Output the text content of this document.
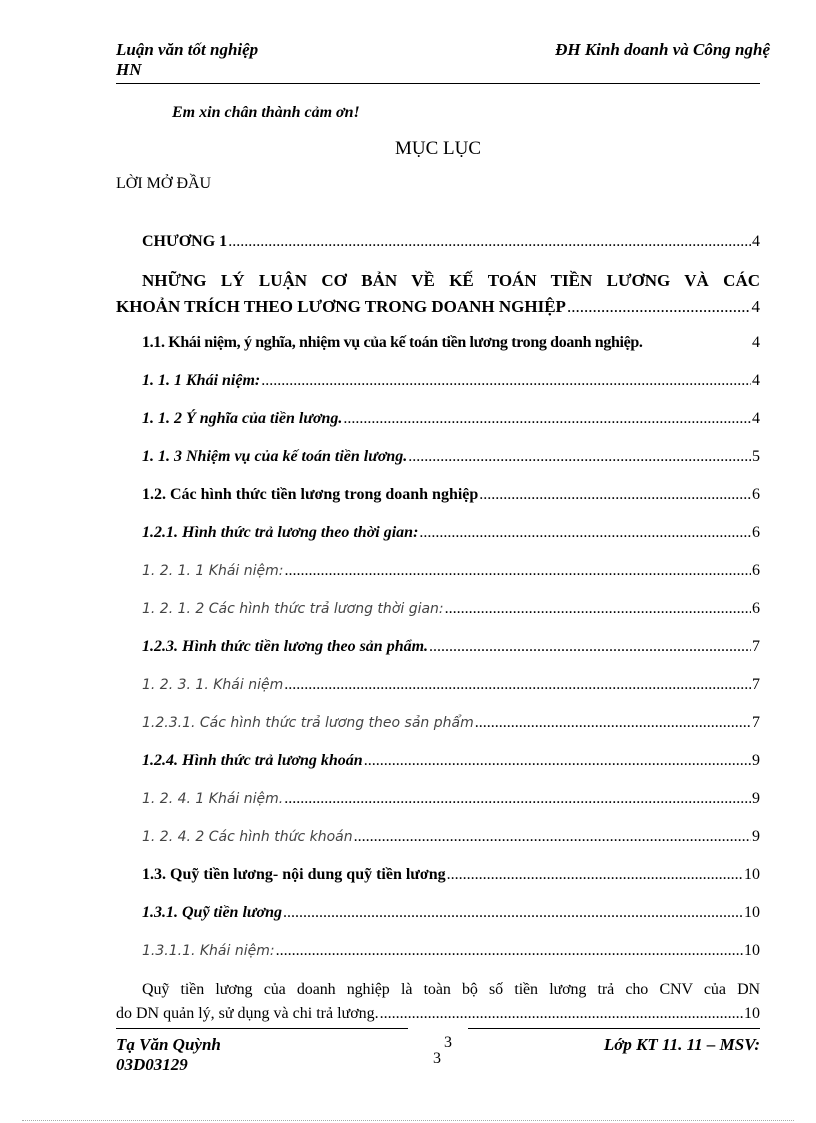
Luận văn tốt nghiệp
HN
ĐH Kinh doanh và Công nghệ
Em xin chân thành cảm ơn!
MỤC LỤC
LỜI MỞ ĐẦU
CHƯƠNG 1 .....	4
NHỮNG LÝ LUẬN CƠ BẢN VỀ KẾ TOÁN TIỀN LƯƠNG VÀ CÁC
KHOẢN TRÍCH THEO LƯƠNG TRONG DOANH NGHIỆP .....	4
1.1. Khái niệm, ý nghĩa, nhiệm vụ của kế toán tiền lương trong doanh nghiệp.	4
1. 1. 1 Khái niệm: .....	4
1. 1. 2 Ý nghĩa của tiền lương. .....	4
1. 1. 3 Nhiệm vụ của kế toán tiền lương. .....	5
1.2. Các hình thức tiền lương trong doanh nghiệp .....	6
1.2.1. Hình thức trả lương theo thời gian: .....	6
1. 2. 1. 1 Khái niệm: .....	6
1. 2. 1. 2 Các hình thức trả lương thời gian: .....	6
1.2.3. Hình thức tiền lương theo sản phẩm. .....	7
1. 2. 3. 1. Khái niệm .....	7
1.2.3.1. Các hình thức trả lương theo sản phẩm .....	7
1.2.4. Hình thức trả lương khoán .....	9
1. 2. 4. 1 Khái niệm. .....	9
1. 2. 4. 2 Các hình thức khoán .....	9
1.3. Quỹ tiền lương- nội dung quỹ tiền lương .....	10
1.3.1. Quỹ tiền lương .....	10
1.3.1.1. Khái niệm: .....	10
Quỹ tiền lương của doanh nghiệp là toàn bộ số tiền lương trả cho CNV của DN
do DN quản lý, sử dụng và chi trả lương. .....	10
Tạ Văn Quỳnh
03D03129
3
3
Lớp KT 11. 11 – MSV:
